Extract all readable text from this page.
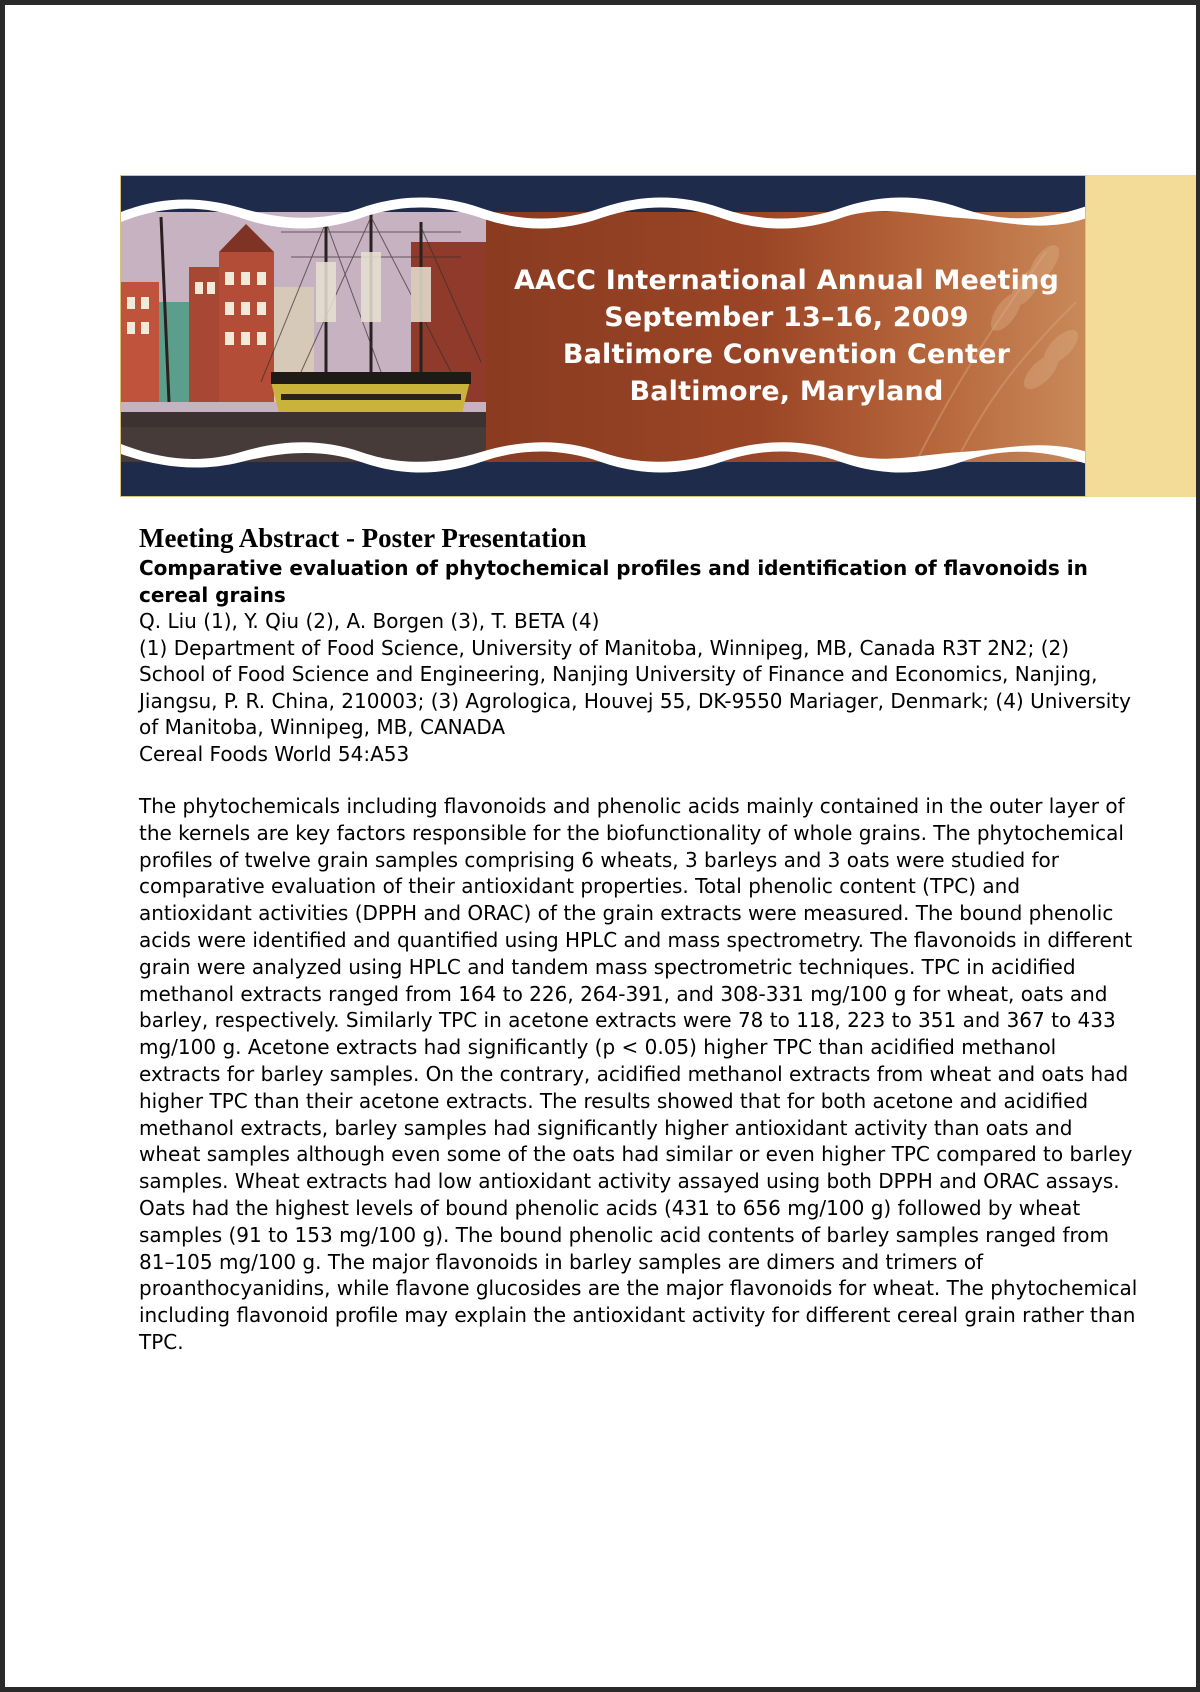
AACC International Annual Meeting
September 13–16, 2009
Baltimore Convention Center
Baltimore, Maryland

Meeting Abstract - Poster Presentation

Comparative evaluation of phytochemical profiles and identification of flavonoids in cereal grains

Q. Liu (1), Y. Qiu (2), A. Borgen (3), T. BETA (4)

(1) Department of Food Science, University of Manitoba, Winnipeg, MB, Canada R3T 2N2; (2) School of Food Science and Engineering, Nanjing University of Finance and Economics, Nanjing, Jiangsu, P. R. China, 210003; (3) Agrologica, Houvej 55, DK-9550 Mariager, Denmark; (4) University of Manitoba, Winnipeg, MB, CANADA

Cereal Foods World 54:A53

The phytochemicals including flavonoids and phenolic acids mainly contained in the outer layer of the kernels are key factors responsible for the biofunctionality of whole grains. The phytochemical profiles of twelve grain samples comprising 6 wheats, 3 barleys and 3 oats were studied for comparative evaluation of their antioxidant properties. Total phenolic content (TPC) and antioxidant activities (DPPH and ORAC) of the grain extracts were measured. The bound phenolic acids were identified and quantified using HPLC and mass spectrometry. The flavonoids in different grain were analyzed using HPLC and tandem mass spectrometric techniques. TPC in acidified methanol extracts ranged from 164 to 226, 264-391, and 308-331 mg/100 g for wheat, oats and barley, respectively. Similarly TPC in acetone extracts were 78 to 118, 223 to 351 and 367 to 433 mg/100 g. Acetone extracts had significantly (p < 0.05) higher TPC than acidified methanol extracts for barley samples. On the contrary, acidified methanol extracts from wheat and oats had higher TPC than their acetone extracts. The results showed that for both acetone and acidified methanol extracts, barley samples had significantly higher antioxidant activity than oats and wheat samples although even some of the oats had similar or even higher TPC compared to barley samples. Wheat extracts had low antioxidant activity assayed using both DPPH and ORAC assays. Oats had the highest levels of bound phenolic acids (431 to 656 mg/100 g) followed by wheat samples (91 to 153 mg/100 g). The bound phenolic acid contents of barley samples ranged from 81–105 mg/100 g. The major flavonoids in barley samples are dimers and trimers of proanthocyanidins, while flavone glucosides are the major flavonoids for wheat. The phytochemical including flavonoid profile may explain the antioxidant activity for different cereal grain rather than TPC.
